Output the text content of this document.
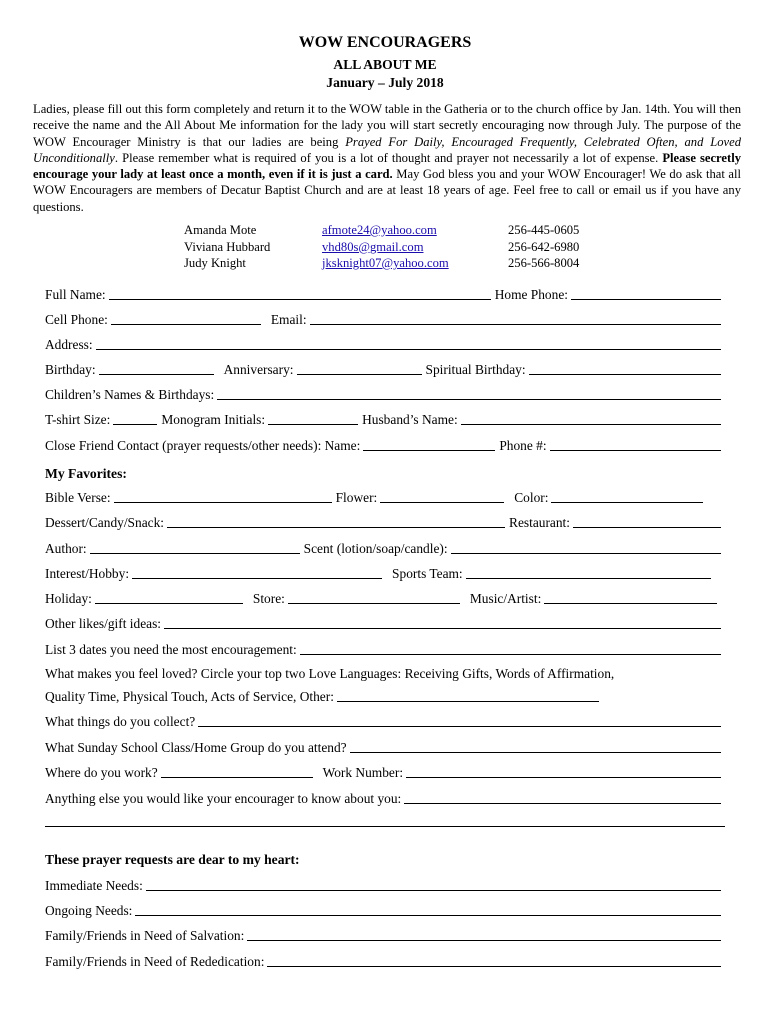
WOW ENCOURAGERS
ALL ABOUT ME
January – July 2018
Ladies, please fill out this form completely and return it to the WOW table in the Gatheria or to the church office by Jan. 14th. You will then receive the name and the All About Me information for the lady you will start secretly encouraging now through July. The purpose of the WOW Encourager Ministry is that our ladies are being Prayed For Daily, Encouraged Frequently, Celebrated Often, and Loved Unconditionally. Please remember what is required of you is a lot of thought and prayer not necessarily a lot of expense. Please secretly encourage your lady at least once a month, even if it is just a card. May God bless you and your WOW Encourager! We do ask that all WOW Encouragers are members of Decatur Baptist Church and are at least 18 years of age. Feel free to call or email us if you have any questions.
Amanda Mote	afmote24@yahoo.com	256-445-0605
Viviana Hubbard	vhd80s@gmail.com	256-642-6980
Judy Knight	jksknight07@yahoo.com	256-566-8004
Full Name:	Home Phone:
Cell Phone:	Email:
Address:
Birthday:	Anniversary:	Spiritual Birthday:
Children’s Names & Birthdays:
T-shirt Size:	Monogram Initials:	Husband’s Name:
Close Friend Contact (prayer requests/other needs): Name:	Phone #:
My Favorites:
Bible Verse:	Flower:	Color:
Dessert/Candy/Snack:	Restaurant:
Author:	Scent (lotion/soap/candle):
Interest/Hobby:	Sports Team:
Holiday:	Store:	Music/Artist:
Other likes/gift ideas:
List 3 dates you need the most encouragement:
What makes you feel loved? Circle your top two Love Languages: Receiving Gifts, Words of Affirmation,
Quality Time, Physical Touch, Acts of Service, Other:
What things do you collect?
What Sunday School Class/Home Group do you attend?
Where do you work?	Work Number:
Anything else you would like your encourager to know about you:
These prayer requests are dear to my heart:
Immediate Needs:
Ongoing Needs:
Family/Friends in Need of Salvation:
Family/Friends in Need of Rededication:
